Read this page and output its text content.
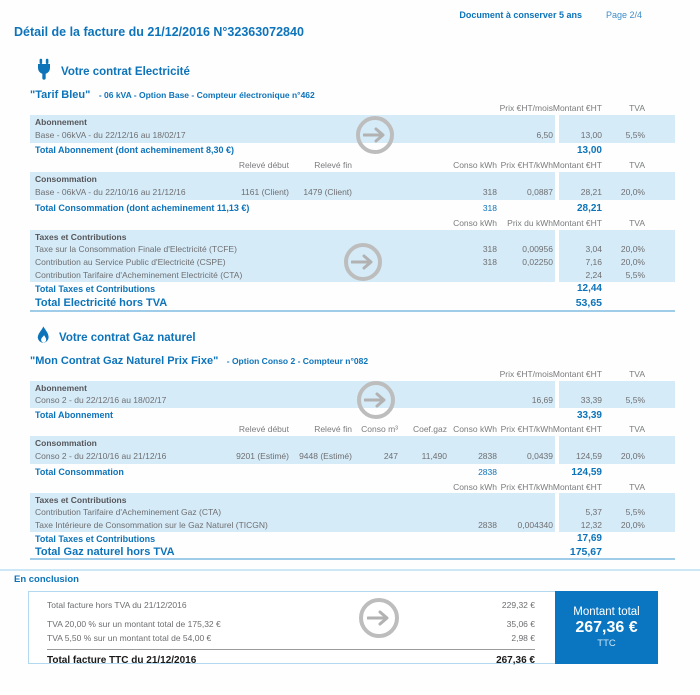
Document à conserver 5 ans	Page 2/4
Détail de la facture du 21/12/2016 N°32363072840
Votre contrat Electricité
"Tarif Bleu" - 06 kVA - Option Base - Compteur électronique n°462
Prix €HT/mois Montant €HT	TVA
Abonnement
Base - 06kVA - du 22/12/16 au 18/02/17	6,50	13,00	5,5%
Total Abonnement (dont acheminement 8,30 €)	13,00
Relevé début	Relevé fin	Conso kWh Prix €HT/kWh Montant €HT	TVA
Consommation
Base - 06kVA - du 22/10/16 au 21/12/16	1161 (Client)	1479 (Client)	318	0,0887	28,21	20,0%
Total Consommation (dont acheminement 11,13 €)	318	28,21
Conso kWh	Prix du kWh Montant €HT	TVA
Taxes et Contributions
Taxe sur la Consommation Finale d'Electricité (TCFE)	318	0,00956	3,04	20,0%
Contribution au Service Public d'Electricité (CSPE)	318	0,02250	7,16	20,0%
Contribution Tarifaire d'Acheminement Electricité (CTA)	2,24	5,5%
Total Taxes et Contributions	12,44
Total Electricité hors TVA	53,65
Votre contrat Gaz naturel
"Mon Contrat Gaz Naturel Prix Fixe" - Option Conso 2 - Compteur n°082
Prix €HT/mois Montant €HT	TVA
Abonnement
Conso 2 - du 22/12/16 au 18/02/17	16,69	33,39	5,5%
Total Abonnement	33,39
Relevé début	Relevé fin	Conso m³	Coef.gaz Conso kWh Prix €HT/kWh Montant €HT	TVA
Consommation
Conso 2 - du 22/10/16 au 21/12/16	9201 (Estimé)	9448 (Estimé)	247	11,490	2838	0,0439	124,59	20,0%
Total Consommation	2838	124,59
Conso kWh Prix €HT/kWh Montant €HT	TVA
Taxes et Contributions
Contribution Tarifaire d'Acheminement Gaz (CTA)	5,37	5,5%
Taxe Intérieure de Consommation sur le Gaz Naturel (TICGN)	2838	0,004340	12,32	20,0%
Total Taxes et Contributions	17,69
Total Gaz naturel hors TVA	175,67
En conclusion
Total facture hors TVA du 21/12/2016	229,32 €
TVA 20,00 % sur un montant total de 175,32 €	35,06 €
TVA 5,50 % sur un montant total de 54,00 €	2,98 €
Total facture TTC du 21/12/2016	267,36 €
Montant total
267,36 €
TTC
